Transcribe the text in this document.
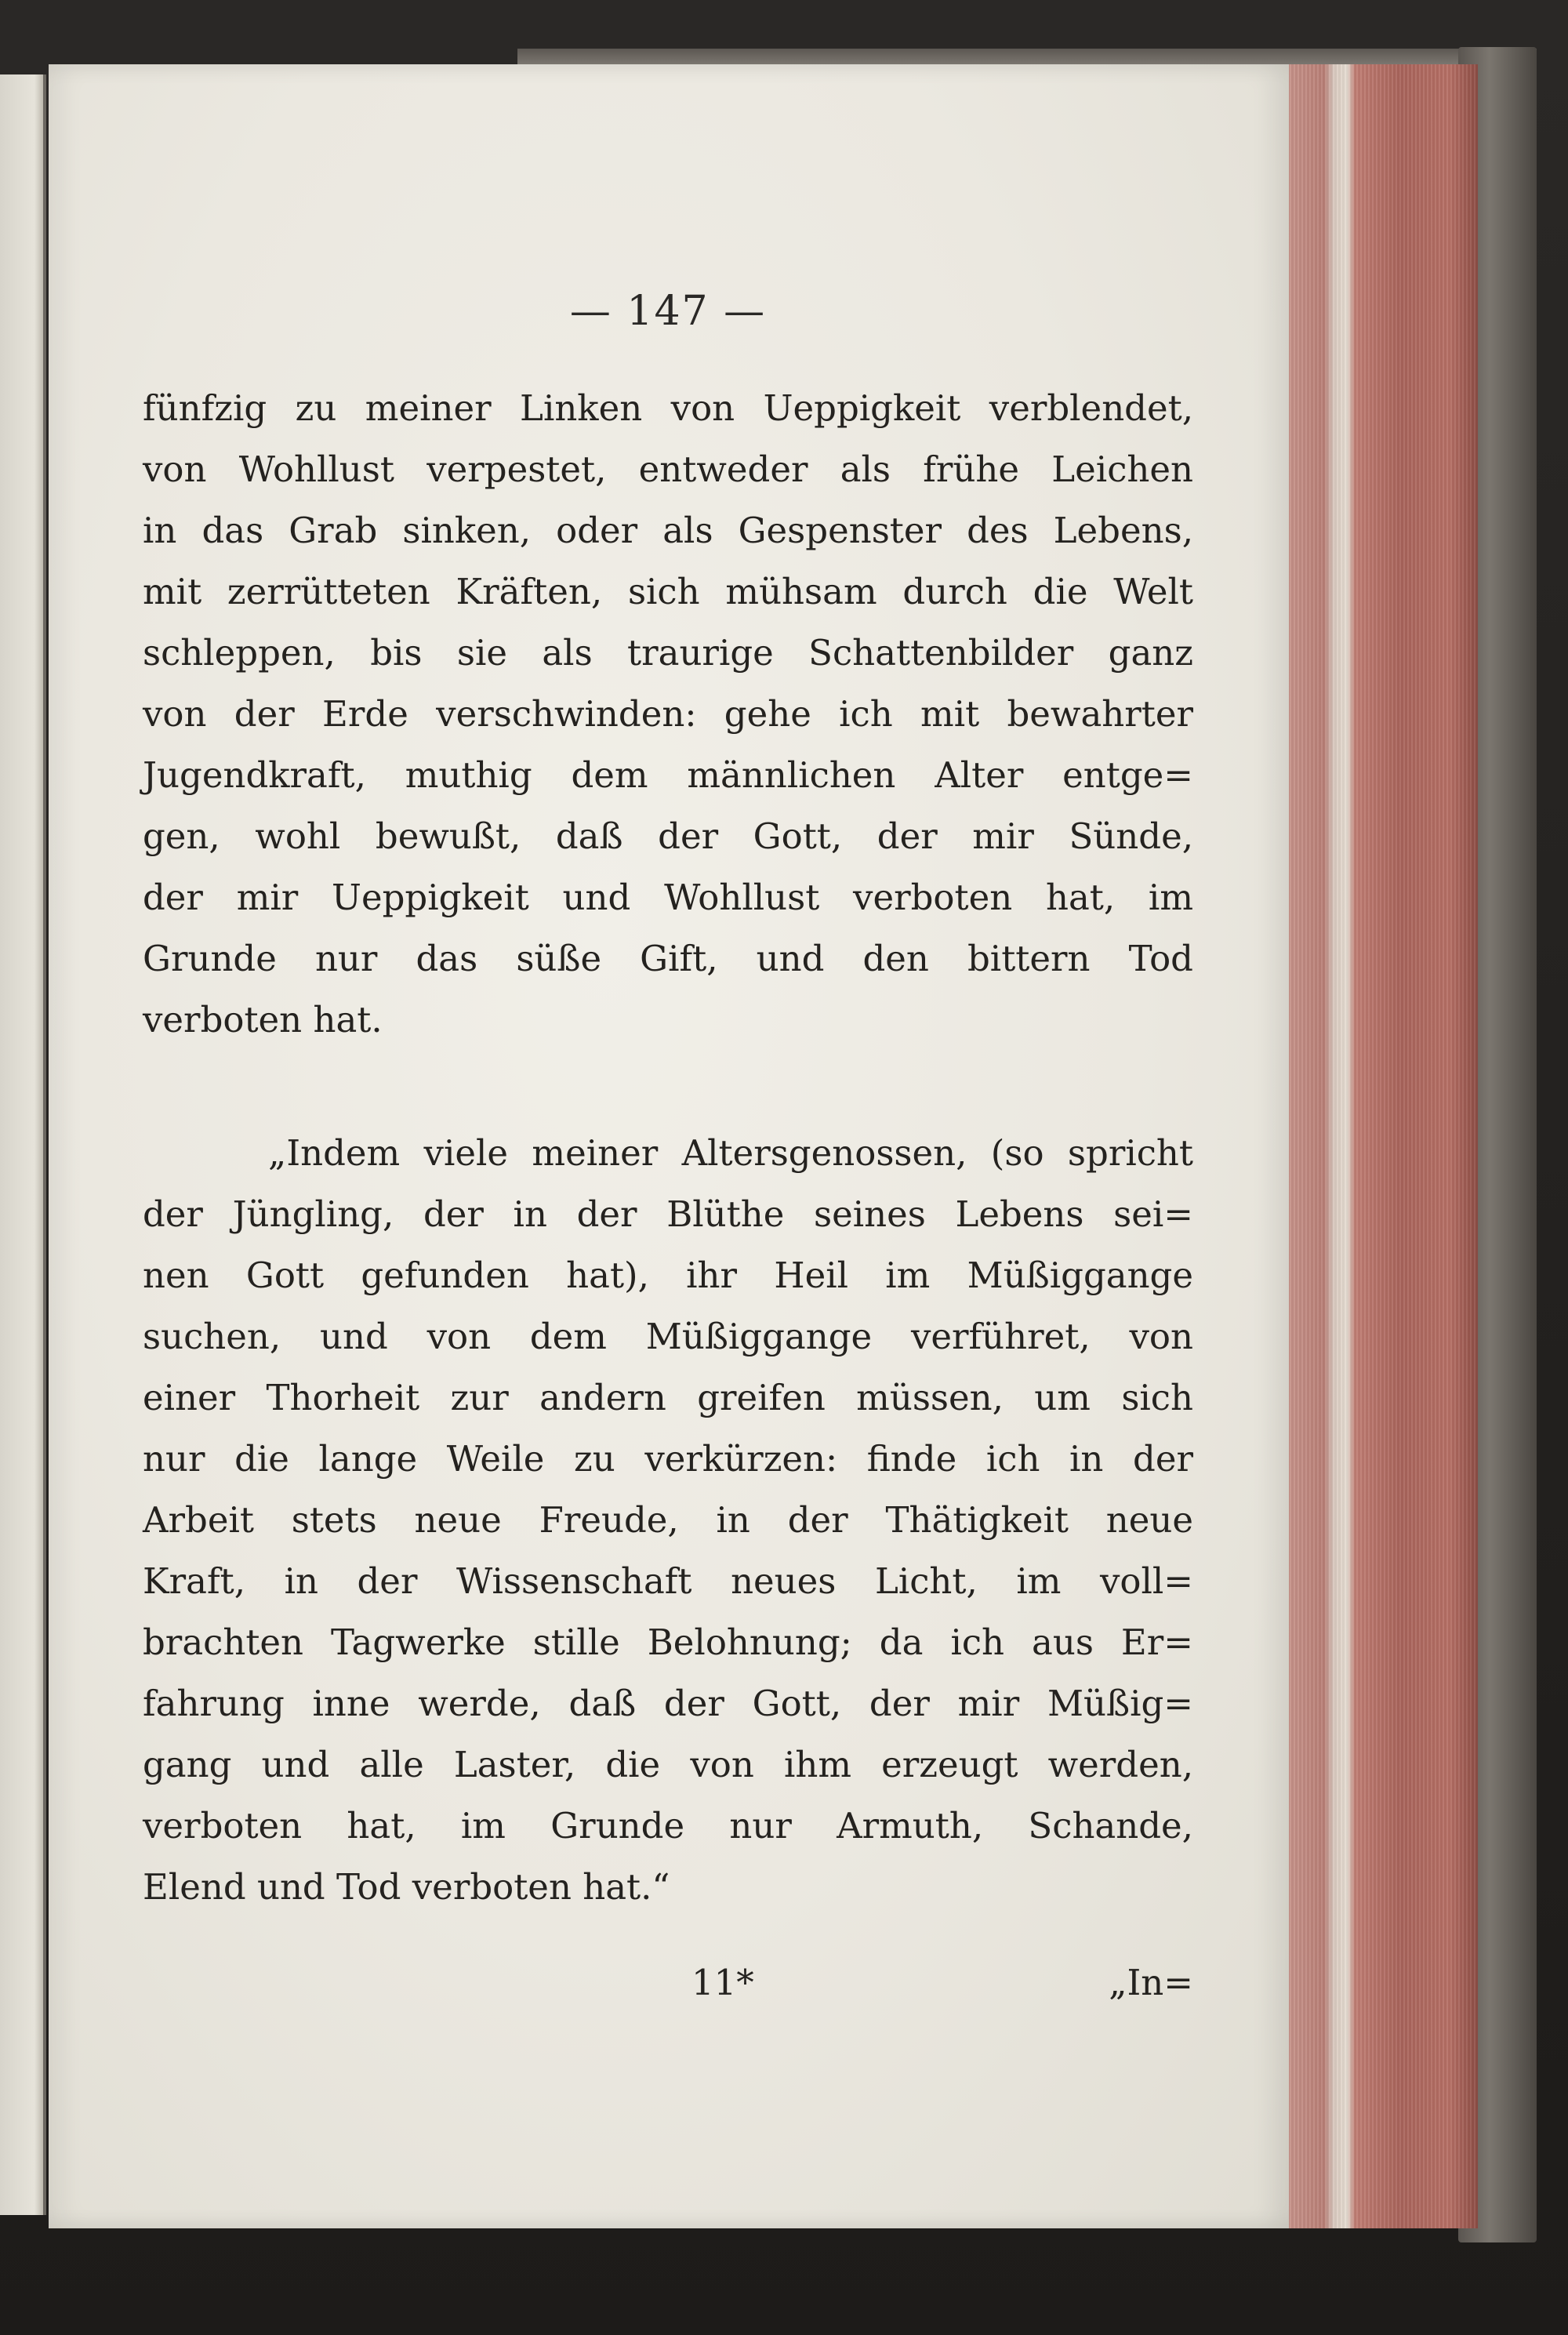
— 147 —
fünfzig zu meiner Linken von Ueppigkeit verblendet,
von Wohllust verpestet, entweder als frühe Leichen
in das Grab sinken, oder als Gespenster des Lebens,
mit zerrütteten Kräften, sich mühsam durch die Welt
schleppen, bis sie als traurige Schattenbilder ganz
von der Erde verschwinden: gehe ich mit bewahrter
Jugendkraft, muthig dem männlichen Alter entge=
gen, wohl bewußt, daß der Gott, der mir Sünde,
der mir Ueppigkeit und Wohllust verboten hat, im
Grunde nur das süße Gift, und den bittern Tod
verboten hat.
„Indem viele meiner Altersgenossen, (so spricht
der Jüngling, der in der Blüthe seines Lebens sei=
nen Gott gefunden hat), ihr Heil im Müßiggange
suchen, und von dem Müßiggange verführet, von
einer Thorheit zur andern greifen müssen, um sich
nur die lange Weile zu verkürzen: finde ich in der
Arbeit stets neue Freude, in der Thätigkeit neue
Kraft, in der Wissenschaft neues Licht, im voll=
brachten Tagwerke stille Belohnung; da ich aus Er=
fahrung inne werde, daß der Gott, der mir Müßig=
gang und alle Laster, die von ihm erzeugt werden,
verboten hat, im Grunde nur Armuth, Schande,
Elend und Tod verboten hat.“
11*	„In=
